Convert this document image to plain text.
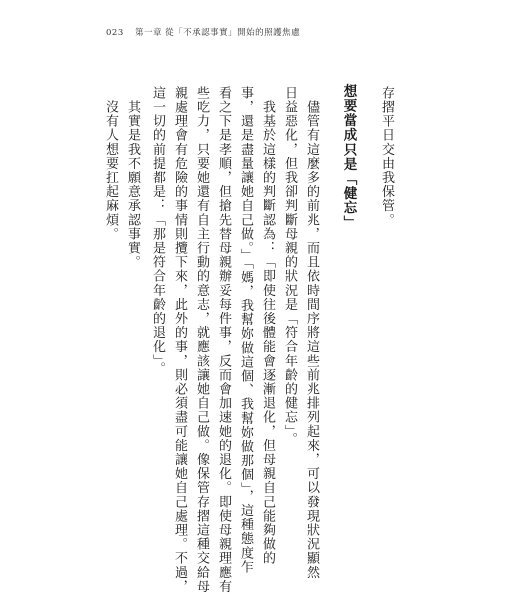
023 第一章 從「不承認事實」開始的照護焦慮
存摺平日交由我保管。
想要當成只是「健忘」
　儘管有這麼多的前兆，而且依時間序將這些前兆排列起來，可以發現狀況顯然
日益惡化，但我卻判斷母親的狀況是「符合年齡的健忘」。
　我基於這樣的判斷認為：「即使往後體能會逐漸退化，但母親自己能夠做的
事，還是盡量讓她自己做。」「媽，我幫妳做這個、我幫妳做那個」，這種態度乍
看之下是孝順，但搶先替母親辦妥每件事，反而會加速她的退化。即使母親理應有
些吃力，只要她還有自主行動的意志，就應該讓她自己做。像保管存摺這種交給母
親處理會有危險的事情則攬下來，此外的事，則必須盡可能讓她自己處理。不過，
這一切的前提都是：「那是符合年齡的退化」。
　其實是我不願意承認事實。
　沒有人想要扛起麻煩。
